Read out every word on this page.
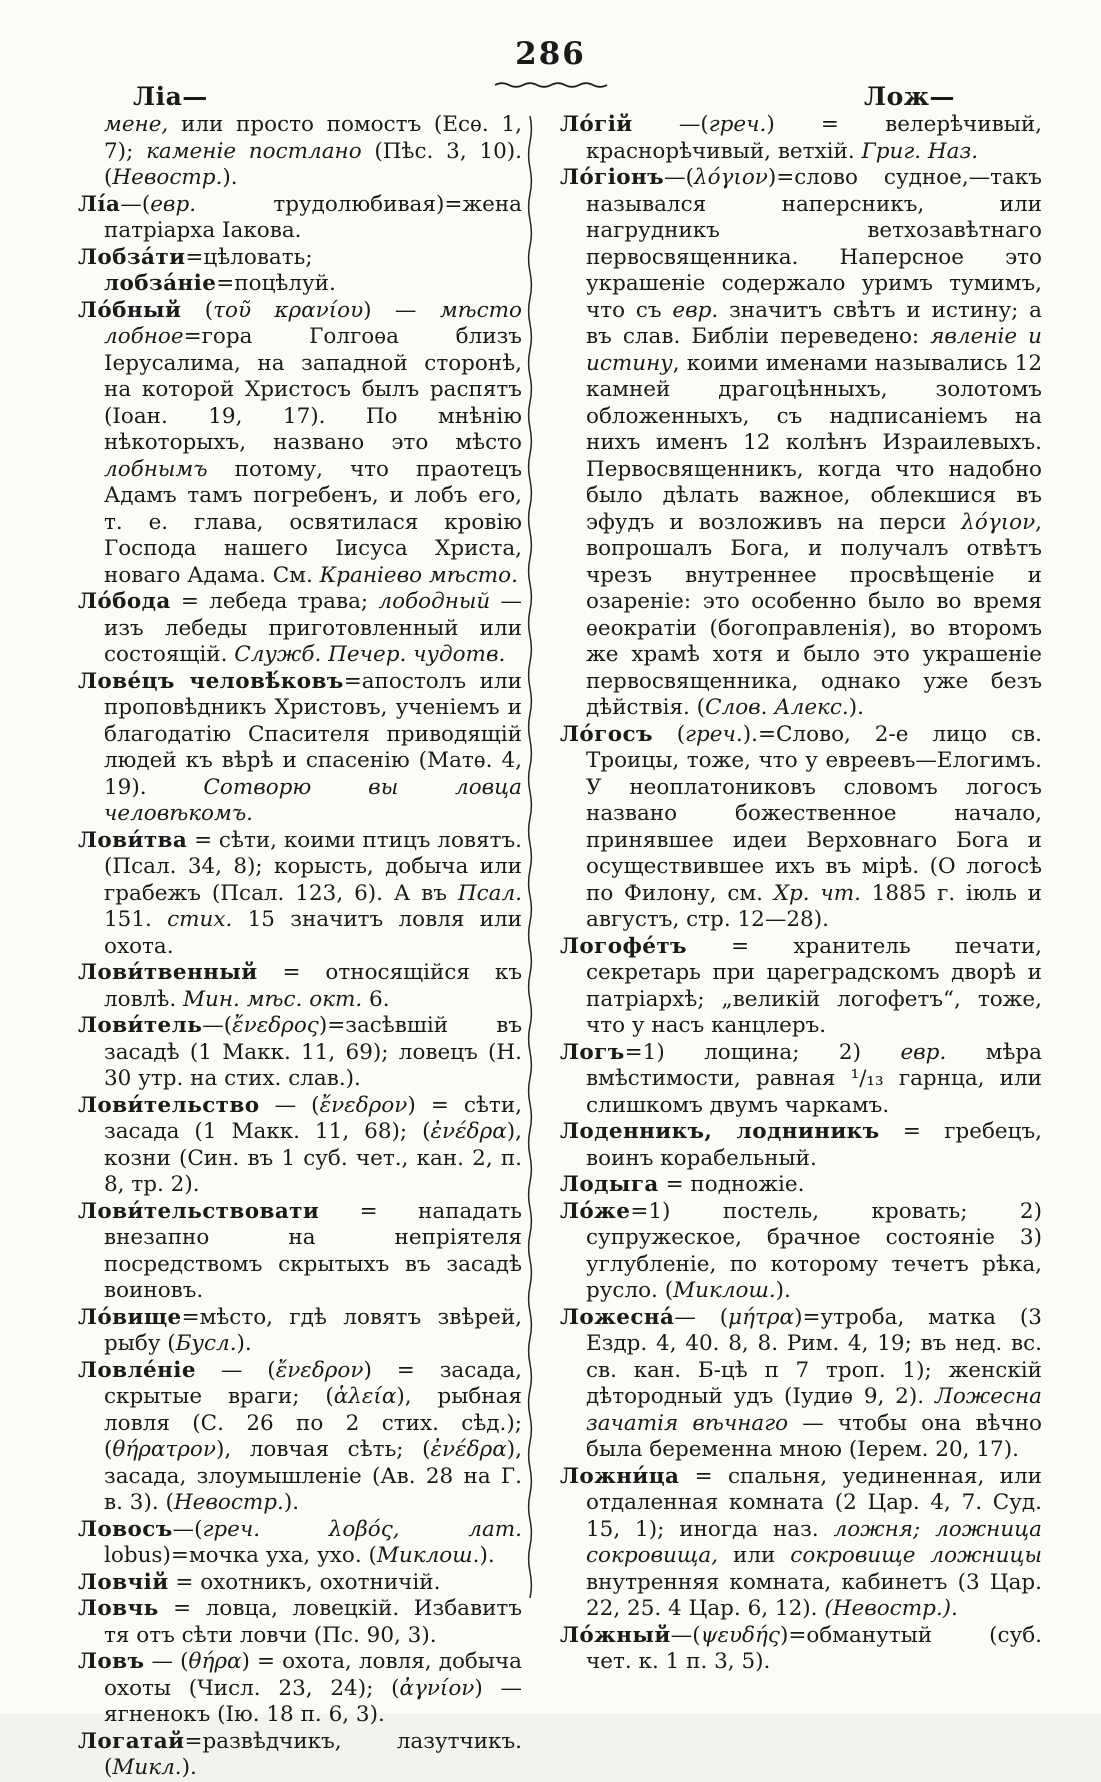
286
Ліа—	Лож—

мене, или просто помостъ (Есѳ. 1, 7); каменіе постлано (Пѣс. 3, 10). (Невостр.).

Лі́а—(евр. трудолюбивая)=жена патріарха Іакова.

Лобза́ти=цѣловать; лобза́ніе=поцѣлуй.

Ло́бный (τοῦ κρανίου) — мѣсто лобное=гора Голгоѳа близъ Іерусалима, на западной сторонѣ, на которой Христосъ былъ распятъ (Іоан. 19, 17). По мнѣнію нѣкоторыхъ, названо это мѣсто лобнымъ потому, что праотецъ Адамъ тамъ погребенъ, и лобъ его, т. е. глава, освятилася кровію Господа нашего Іисуса Христа, новаго Адама. См. Краніево мѣсто.

Ло́бода = лебеда трава; лободный — изъ лебеды приготовленный или состоящій. Служб. Печер. чудотв.

Лове́цъ человѣ́ковъ=апостолъ или проповѣдникъ Христовъ, ученіемъ и благодатію Спасителя приводящій людей къ вѣрѣ и спасенію (Матѳ. 4, 19). Сотворю вы ловца человѣкомъ.

Лови́тва = сѣти, коими птицъ ловятъ. (Псал. 34, 8); корысть, добыча или грабежъ (Псал. 123, 6). А въ Псал. 151. стих. 15 значитъ ловля или охота.

Лови́твенный = относящійся къ ловлѣ. Мин. мѣс. окт. 6.

Лови́тель—(ἔνεδρος)=засѣвшій въ засадѣ (1 Макк. 11, 69); ловецъ (Н. 30 утр. на стих. слав.).

Лови́тельство — (ἔνεδρον) = сѣти, засада (1 Макк. 11, 68); (ἐνέδρα), козни (Син. въ 1 суб. чет., кан. 2, п. 8, тр. 2).

Лови́тельствовати = нападать внезапно на непріятеля посредствомъ скрытыхъ въ засадѣ воиновъ.

Ло́вище=мѣсто, гдѣ ловятъ звѣрей, рыбу (Бусл.).

Ловле́ніе — (ἔνεδρον) = засада, скрытые враги; (ἁλεία), рыбная ловля (С. 26 по 2 стих. сѣд.); (θήρατρον), ловчая сѣть; (ἐνέδρα), засада, злоумышленіе (Ав. 28 на Г. в. 3). (Невостр.).

Ловосъ—(греч. λοβός, лат. lobus)=мочка уха, ухо. (Миклош.).

Ловчій = охотникъ, охотничій.

Ловчь = ловца, ловецкій. Избавитъ тя отъ сѣти ловчи (Пс. 90, 3).

Ловъ — (θήρα) = охота, ловля, добыча охоты (Числ. 23, 24); (ἀγνίον) — ягненокъ (Ію. 18 п. 6, 3).

Логатай=развѣдчикъ, лазутчикъ. (Микл.).

Ло́гій —(греч.) = велерѣчивый, краснорѣчивый, ветхій. Григ. Наз.

Ло́гіонъ—(λόγιον)=слово судное,—такъ назывался наперсникъ, или нагрудникъ ветхозавѣтнаго первосвященника. Наперсное это украшеніе содержало уримъ тумимъ, что съ евр. значитъ свѣтъ и истину; а въ слав. Библіи переведено: явленіе и истину, коими именами назывались 12 камней драгоцѣнныхъ, золотомъ обложенныхъ, съ надписаніемъ на нихъ именъ 12 колѣнъ Израилевыхъ. Первосвященникъ, когда что надобно было дѣлать важное, облекшися въ эфудъ и возложивъ на перси λόγιον, вопрошалъ Бога, и получалъ отвѣтъ чрезъ внутреннее просвѣщеніе и озареніе: это особенно было во время ѳеократіи (богоправленія), во второмъ же храмѣ хотя и было это украшеніе первосвященника, однако уже безъ дѣйствія. (Слов. Алекс.).

Ло́госъ (греч.).=Слово, 2-е лицо св. Троицы, тоже, что у евреевъ—Елогимъ. У неоплатониковъ словомъ логосъ названо божественное начало, принявшее идеи Верховнаго Бога и осуществившее ихъ въ мірѣ. (О логосѣ по Филону, см. Хр. чт. 1885 г. іюль и августъ, стр. 12—28).

Логофе́тъ = хранитель печати, секретарь при цареградскомъ дворѣ и патріархѣ; „великій логофетъ“, тоже, что у насъ канцлеръ.

Логъ=1) лощина; 2) евр. мѣра вмѣстимости, равная ¹/₁₃ гарнца, или слишкомъ двумъ чаркамъ.

Лоденникъ, лодниникъ = гребецъ, воинъ корабельный.

Лодыга = подножіе.

Ло́же=1) постель, кровать; 2) супружеское, брачное состояніе 3) углубленіе, по которому течетъ рѣка, русло. (Миклош.).

Ложесна́— (μήτρα)=утроба, матка (3 Ездр. 4, 40. 8, 8. Рим. 4, 19; въ нед. вс. св. кан. Б-цѣ п 7 троп. 1); женскій дѣтородный удъ (Іудиѳ 9, 2). Ложесна зачатія вѣчнаго — чтобы она вѣчно была беременна мною (Іерем. 20, 17).

Ложни́ца = спальня, уединенная, или отдаленная комната (2 Цар. 4, 7. Суд. 15, 1); иногда наз. ложня; ложница сокровища, или сокровище ложницы внутренняя комната, кабинетъ (3 Цар. 22, 25. 4 Цар. 6, 12). (Невостр.).

Ло́жный—(ψευδής)=обманутый (суб. чет. к. 1 п. 3, 5).
